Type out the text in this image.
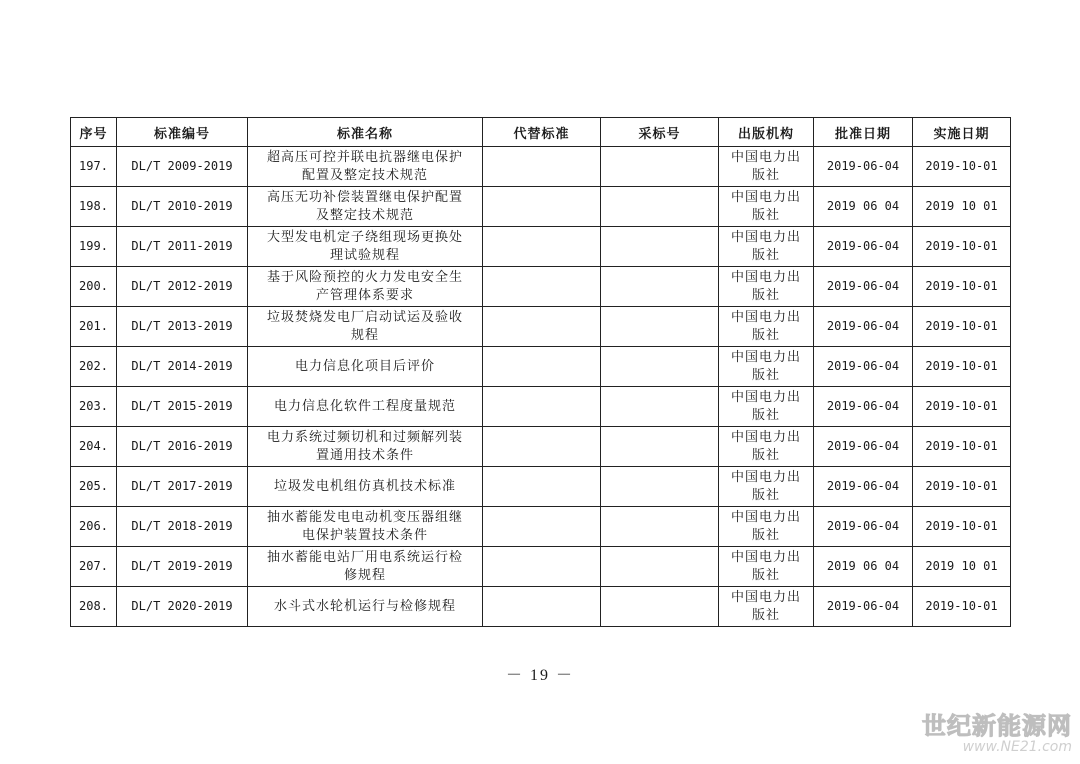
序号	标准编号	标准名称	代替标准	采标号	出版机构	批准日期	实施日期
197.	DL/T 2009-2019	超高压可控并联电抗器继电保护配置及整定技术规范			中国电力出版社	2019-06-04	2019-10-01
198.	DL/T 2010-2019	高压无功补偿装置继电保护配置及整定技术规范			中国电力出版社	2019 06 04	2019 10 01
199.	DL/T 2011-2019	大型发电机定子绕组现场更换处理试验规程			中国电力出版社	2019-06-04	2019-10-01
200.	DL/T 2012-2019	基于风险预控的火力发电安全生产管理体系要求			中国电力出版社	2019-06-04	2019-10-01
201.	DL/T 2013-2019	垃圾焚烧发电厂启动试运及验收规程			中国电力出版社	2019-06-04	2019-10-01
202.	DL/T 2014-2019	电力信息化项目后评价			中国电力出版社	2019-06-04	2019-10-01
203.	DL/T 2015-2019	电力信息化软件工程度量规范			中国电力出版社	2019-06-04	2019-10-01
204.	DL/T 2016-2019	电力系统过频切机和过频解列装置通用技术条件			中国电力出版社	2019-06-04	2019-10-01
205.	DL/T 2017-2019	垃圾发电机组仿真机技术标准			中国电力出版社	2019-06-04	2019-10-01
206.	DL/T 2018-2019	抽水蓄能发电电动机变压器组继电保护装置技术条件			中国电力出版社	2019-06-04	2019-10-01
207.	DL/T 2019-2019	抽水蓄能电站厂用电系统运行检修规程			中国电力出版社	2019 06 04	2019 10 01
208.	DL/T 2020-2019	水斗式水轮机运行与检修规程			中国电力出版社	2019-06-04	2019-10-01
－ 19 －
世纪新能源网
www.NE21.com
